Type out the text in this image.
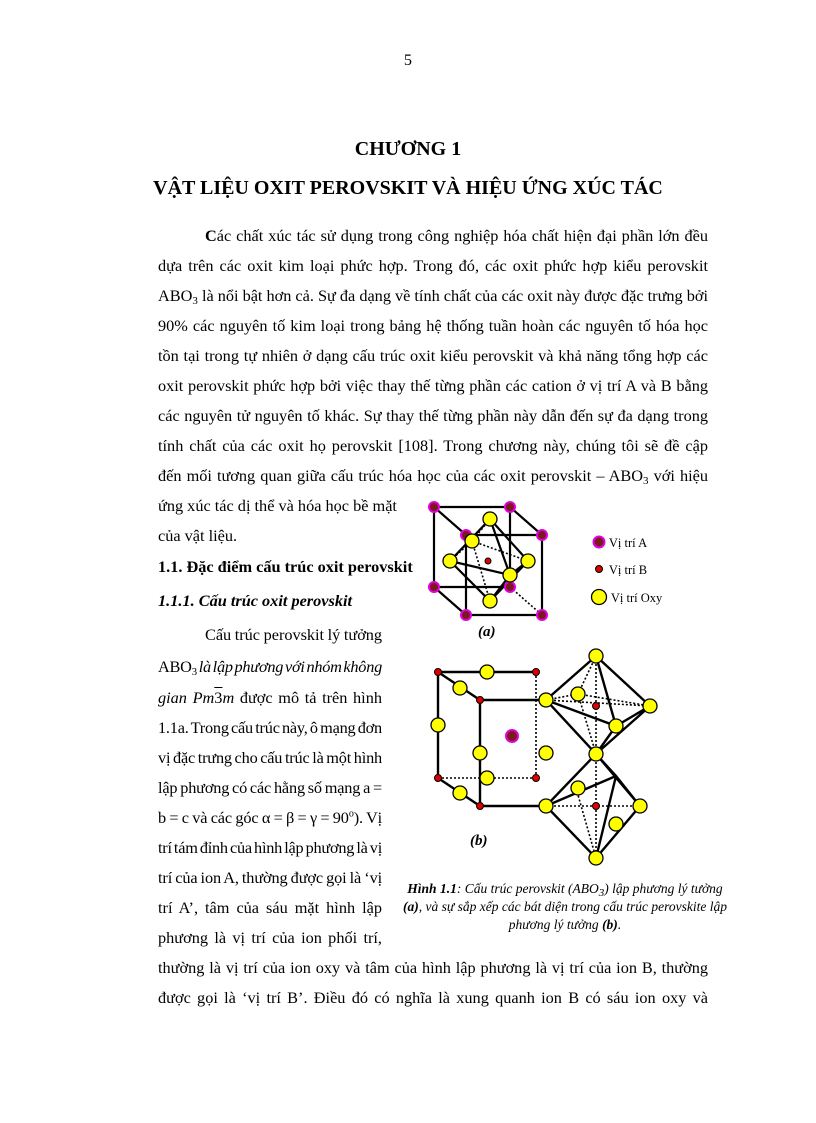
5
CHƯƠNG 1
VẬT LIỆU OXIT PEROVSKIT VÀ HIỆU ỨNG XÚC TÁC
Các chất xúc tác sử dụng trong công nghiệp hóa chất hiện đại phần lớn đều
dựa trên các oxit kim loại phức hợp. Trong đó, các oxit phức hợp kiểu perovskit
$ABO_3$ là nổi bật hơn cả. Sự đa dạng về tính chất của các oxit này được đặc trưng bởi
90% các nguyên tố kim loại trong bảng hệ thống tuần hoàn các nguyên tố hóa học
tồn tại trong tự nhiên ở dạng cấu trúc oxit kiểu perovskit và khả năng tổng hợp các
oxit perovskit phức hợp bởi việc thay thế từng phần các cation ở vị trí A và B bằng
các nguyên tử nguyên tố khác. Sự thay thế từng phần này dẫn đến sự đa dạng trong
tính chất của các oxit họ perovskit [108]. Trong chương này, chúng tôi sẽ đề cập
đến mối tương quan giữa cấu trúc hóa học của các oxit perovskit – $ABO_3$ với hiệu
ứng xúc tác dị thể và hóa học bề mặt
của vật liệu.
1.1. Đặc điểm cấu trúc oxit perovskit
1.1.1. Cấu trúc oxit perovskit
Cấu trúc perovskit lý tưởng
$ABO_3$ là lập phương với nhóm không
gian Pm3m được mô tả trên hình
1.1a. Trong cấu trúc này, ô mạng đơn
vị đặc trưng cho cấu trúc là một hình
lập phương có các hằng số mạng a =
b = c và các góc $\alpha = \beta = \gamma = 90^o$). Vị
trí tám đỉnh của hình lập phương là vị
trí của ion A, thường được gọi là ‘vị
trí A’, tâm của sáu mặt hình lập
phương là vị trí của ion phối trí,
thường là vị trí của ion oxy và tâm của hình lập phương là vị trí của ion B, thường
được gọi là ‘vị trí B’. Điều đó có nghĩa là xung quanh ion B có sáu ion oxy và
Vị trí A
Vị trí B
Vị trí Oxy
(a)
(b)
Hình 1.1: Cấu trúc perovskit $(ABO_3)$ lập phương lý tưởng (a), và sự sắp xếp các bát diện trong cấu trúc perovskite lập phương lý tưởng (b).
